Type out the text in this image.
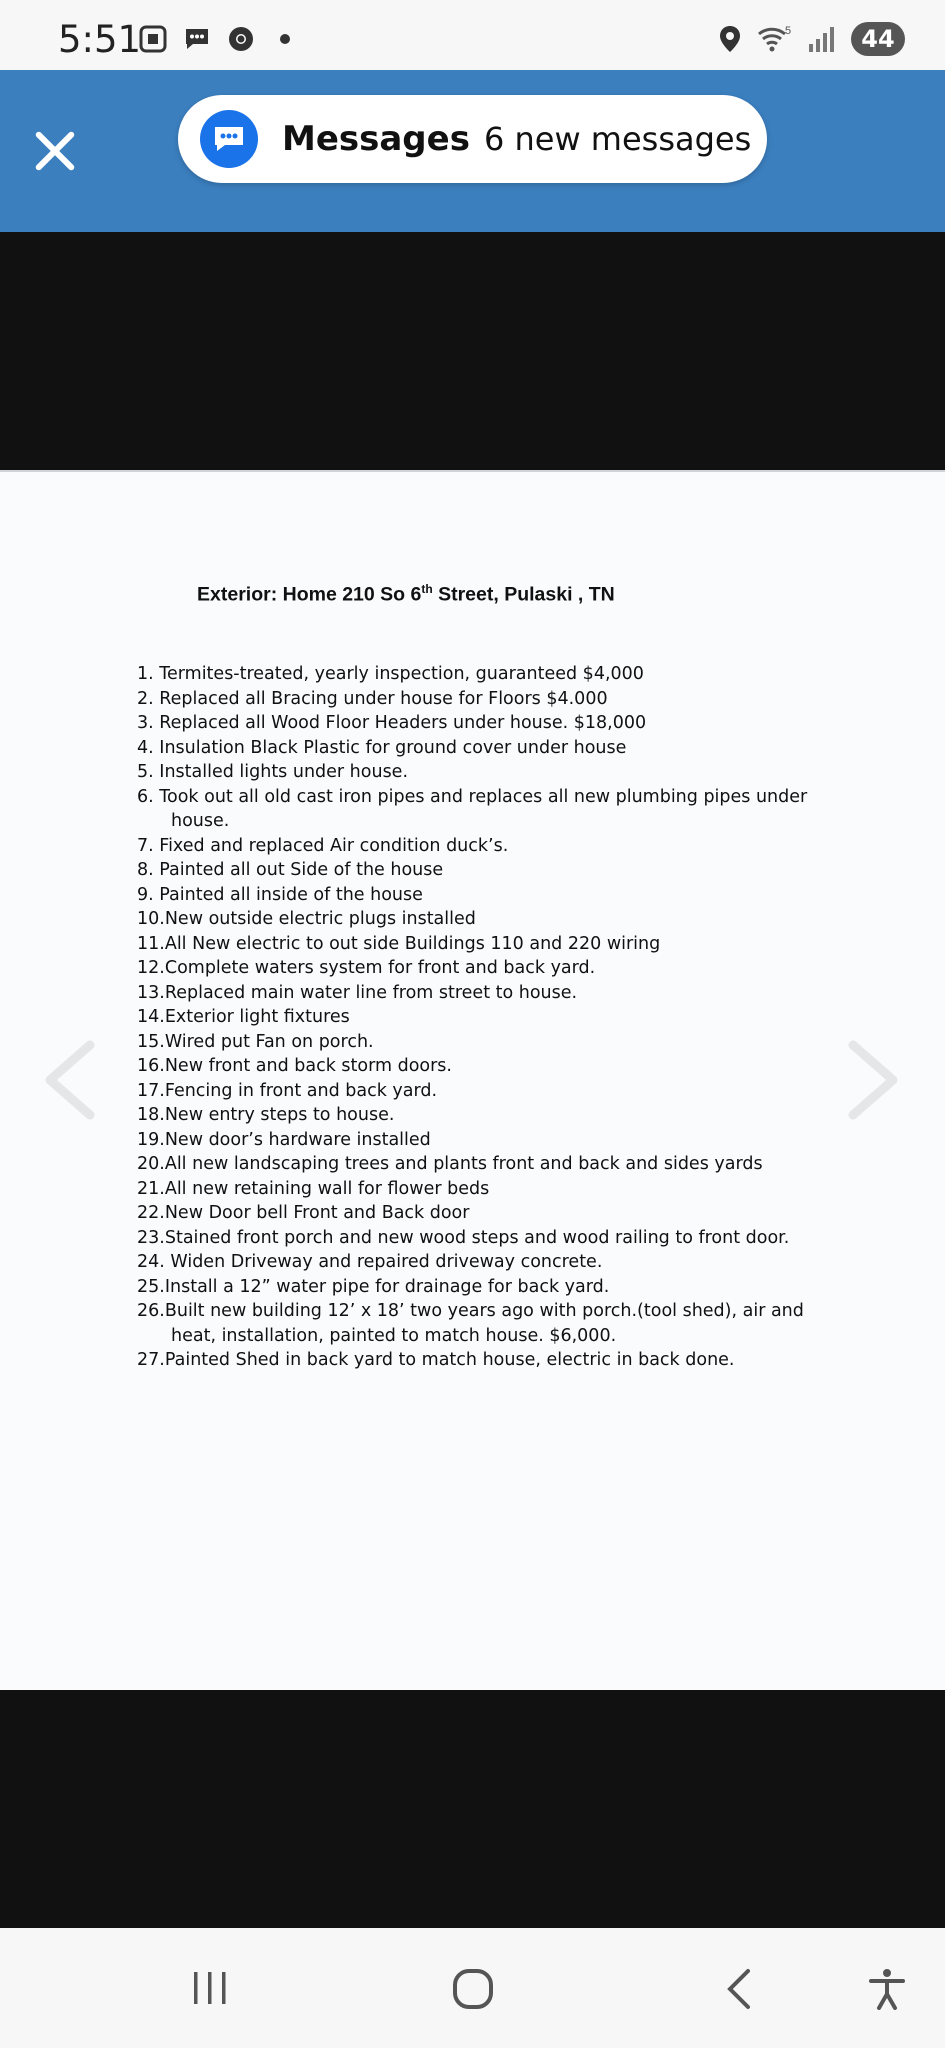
5:51	5	44
Messages 6 new messages
Exterior: Home 210 So 6th Street, Pulaski , TN
1. Termites-treated, yearly inspection, guaranteed $4,000
2. Replaced all Bracing under house for Floors $4.000
3. Replaced all Wood Floor Headers under house. $18,000
4. Insulation Black Plastic for ground cover under house
5. Installed lights under house.
6. Took out all old cast iron pipes and replaces all new plumbing pipes under
house.
7. Fixed and replaced Air condition duck’s.
8. Painted all out Side of the house
9. Painted all inside of the house
10.New outside electric plugs installed
11.All New electric to out side Buildings 110 and 220 wiring
12.Complete waters system for front and back yard.
13.Replaced main water line from street to house.
14.Exterior light fixtures
15.Wired put Fan on porch.
16.New front and back storm doors.
17.Fencing in front and back yard.
18.New entry steps to house.
19.New door’s hardware installed
20.All new landscaping trees and plants front and back and sides yards
21.All new retaining wall for flower beds
22.New Door bell Front and Back door
23.Stained front porch and new wood steps and wood railing to front door.
24. Widen Driveway and repaired driveway concrete.
25.Install a 12” water pipe for drainage for back yard.
26.Built new building 12’ x 18’ two years ago with porch.(tool shed), air and
heat, installation, painted to match house. $6,000.
27.Painted Shed in back yard to match house, electric in back done.
